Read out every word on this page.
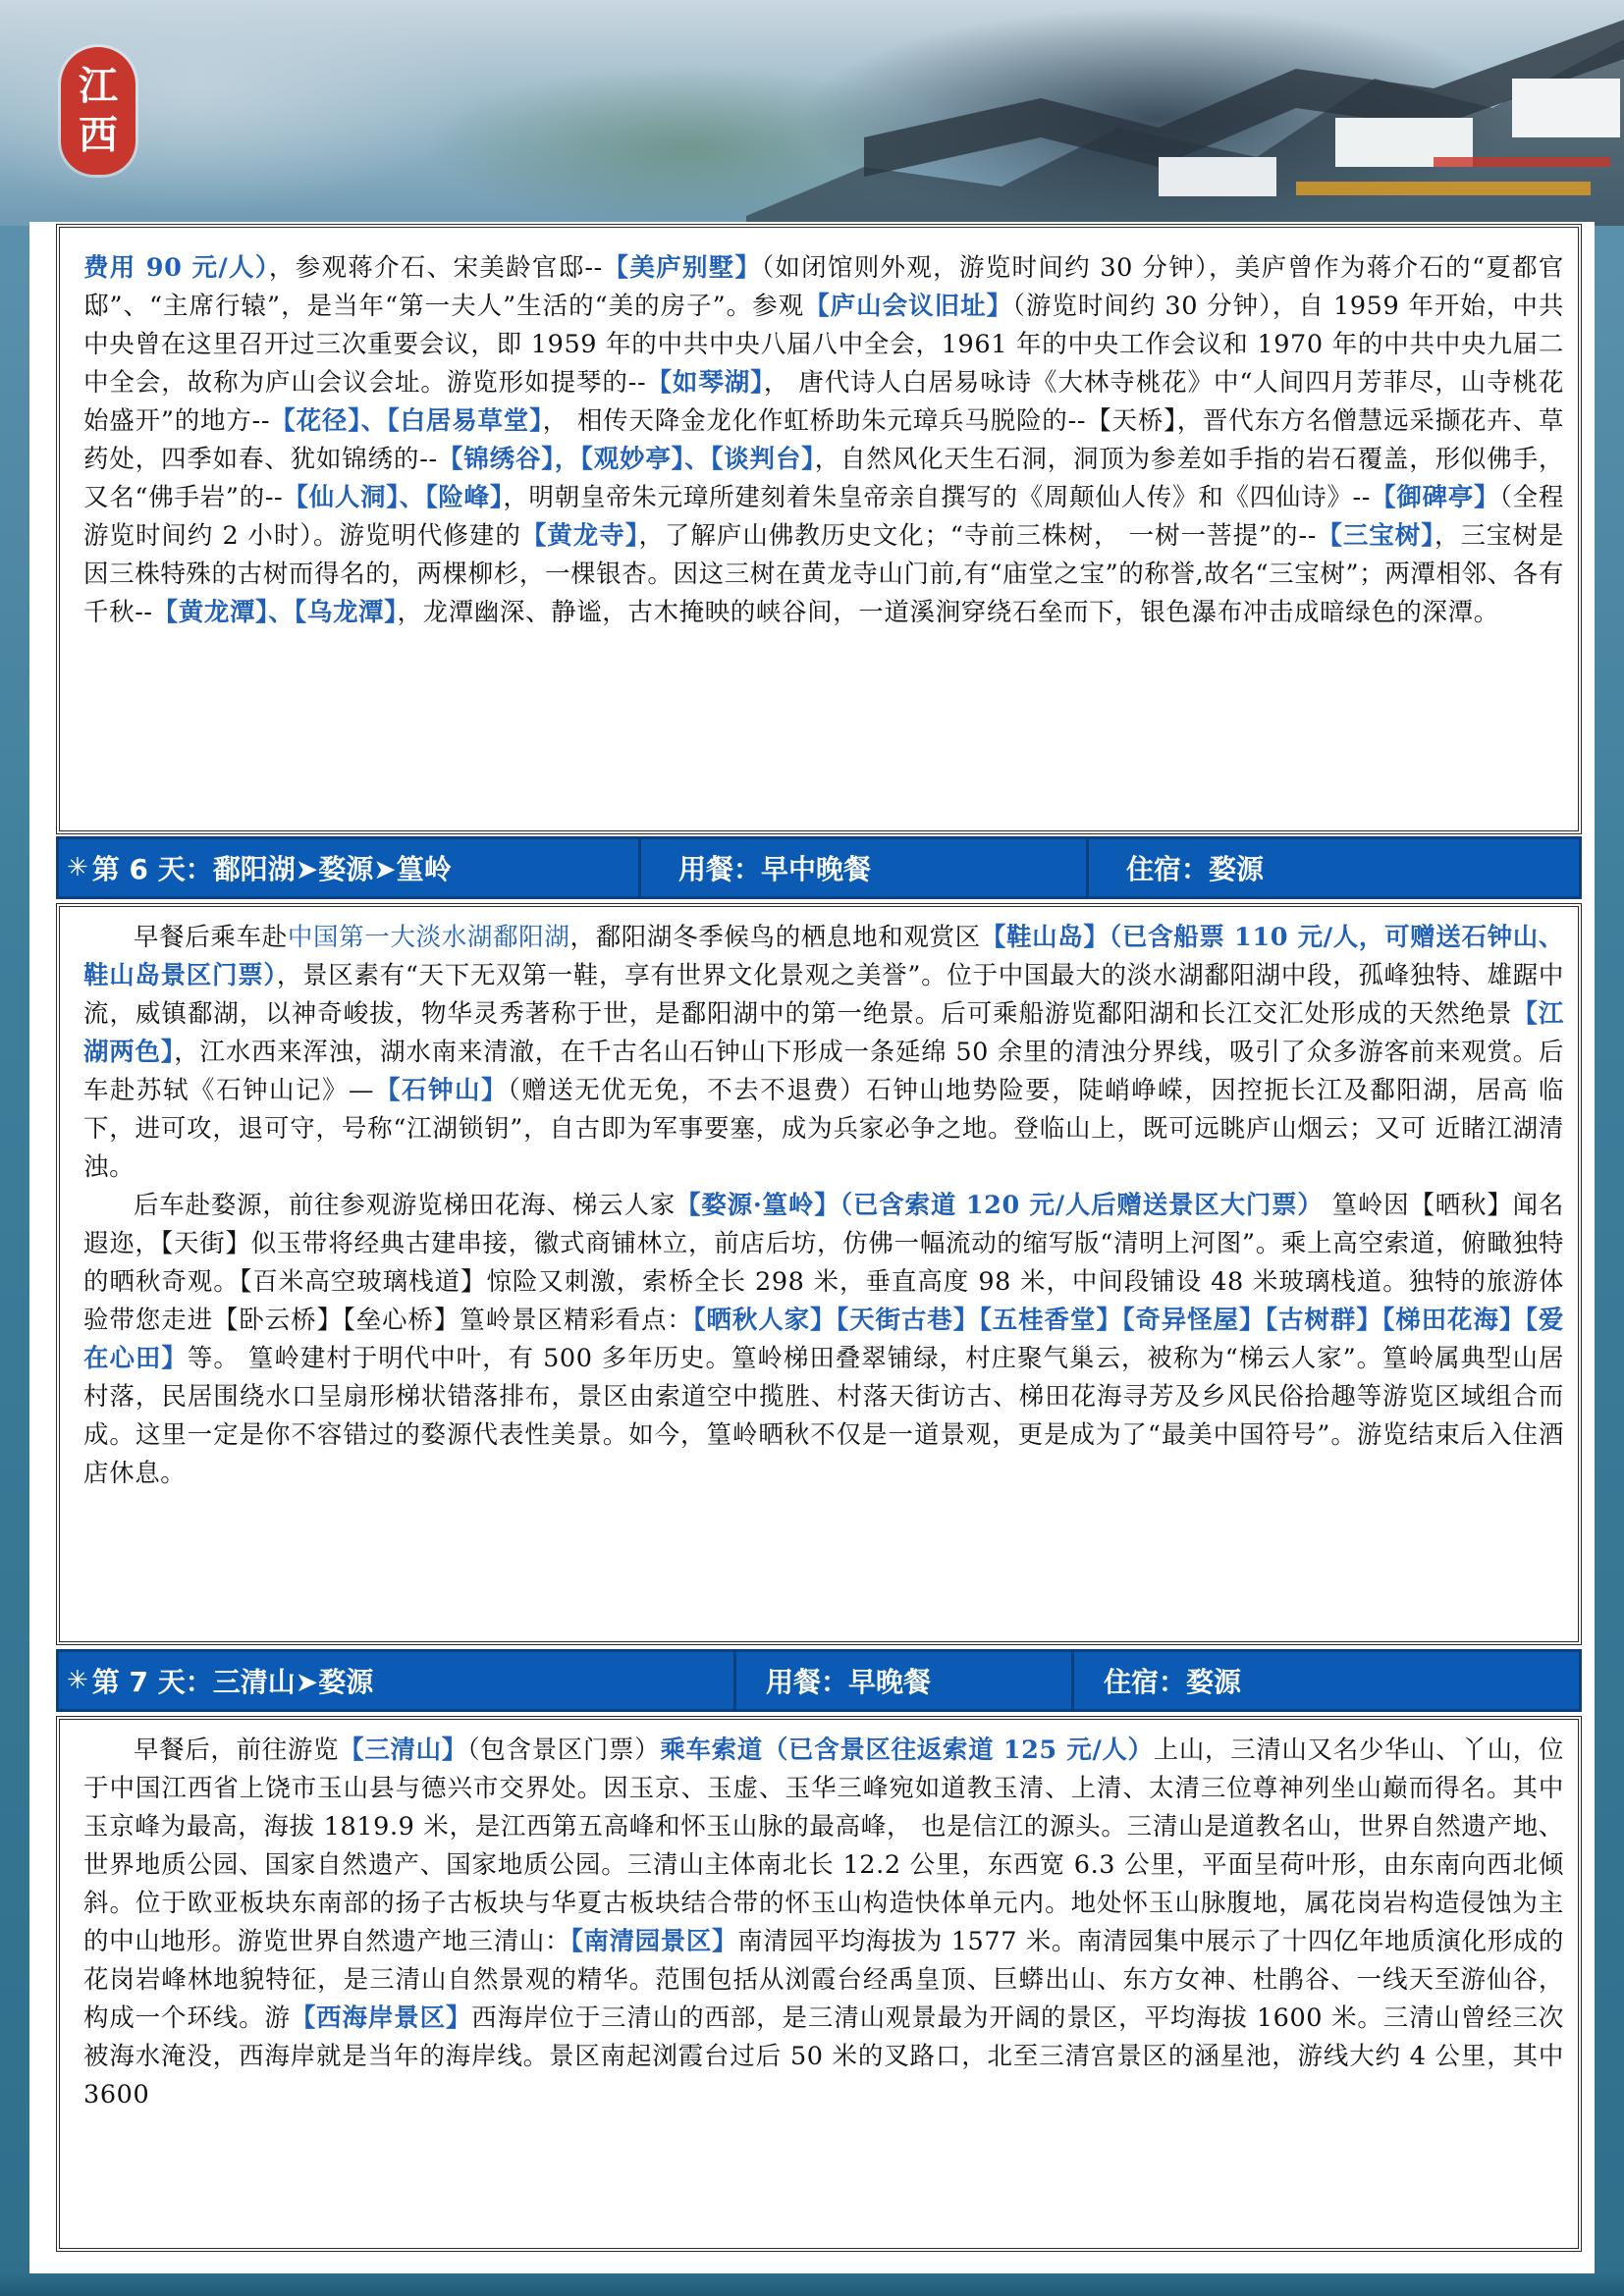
江
西

费用 90 元/人），参观蒋介石、宋美龄官邸--【美庐别墅】（如闭馆则外观，游览时间约 30 分钟），美庐曾作为蒋介石的“夏都官邸”、“主席行辕”，是当年“第一夫人”生活的“美的房子”。参观【庐山会议旧址】（游览时间约 30 分钟），自 1959 年开始，中共中央曾在这里召开过三次重要会议，即 1959 年的中共中央八届八中全会，1961 年的中央工作会议和 1970 年的中共中央九届二中全会，故称为庐山会议会址。游览形如提琴的--【如琴湖】， 唐代诗人白居易咏诗《大林寺桃花》中“人间四月芳菲尽，山寺桃花始盛开”的地方--【花径】、【白居易草堂】， 相传天降金龙化作虹桥助朱元璋兵马脱险的--【天桥】，晋代东方名僧慧远采撷花卉、草药处，四季如春、犹如锦绣的--【锦绣谷】，【观妙亭】、【谈判台】，自然风化天生石洞，洞顶为参差如手指的岩石覆盖，形似佛手，又名“佛手岩”的--【仙人洞】、【险峰】，明朝皇帝朱元璋所建刻着朱皇帝亲自撰写的《周颠仙人传》和《四仙诗》--【御碑亭】（全程游览时间约 2 小时）。游览明代修建的【黄龙寺】，了解庐山佛教历史文化；“寺前三株树， 一树一菩提”的--【三宝树】，三宝树是因三株特殊的古树而得名的，两棵柳杉，一棵银杏。因这三树在黄龙寺山门前,有“庙堂之宝”的称誉,故名“三宝树”；两潭相邻、各有千秋--【黄龙潭】、【乌龙潭】，龙潭幽深、静谧，古木掩映的峡谷间，一道溪涧穿绕石垒而下，银色瀑布冲击成暗绿色的深潭。

✳ 第 6 天：鄱阳湖➤婺源➤篁岭	用餐：早中晚餐	住宿：婺源

早餐后乘车赴中国第一大淡水湖鄱阳湖，鄱阳湖冬季候鸟的栖息地和观赏区【鞋山岛】（已含船票 110 元/人，可赠送石钟山、鞋山岛景区门票），景区素有“天下无双第一鞋，享有世界文化景观之美誉”。位于中国最大的淡水湖鄱阳湖中段，孤峰独特、雄踞中流，威镇鄱湖，以神奇峻拔，物华灵秀著称于世，是鄱阳湖中的第一绝景。后可乘船游览鄱阳湖和长江交汇处形成的天然绝景【江湖两色】，江水西来浑浊，湖水南来清澈，在千古名山石钟山下形成一条延绵 50 余里的清浊分界线，吸引了众多游客前来观赏。后车赴苏轼《石钟山记》—【石钟山】（赠送无优无免，不去不退费）石钟山地势险要，陡峭峥嵘，因控扼长江及鄱阳湖，居高 临下，进可攻，退可守，号称“江湖锁钥”，自古即为军事要塞，成为兵家必争之地。登临山上，既可远眺庐山烟云；又可 近睹江湖清浊。

后车赴婺源，前往参观游览梯田花海、梯云人家【婺源·篁岭】（已含索道 120 元/人后赠送景区大门票） 篁岭因【晒秋】闻名遐迩，【天街】似玉带将经典古建串接，徽式商铺林立，前店后坊，仿佛一幅流动的缩写版“清明上河图”。乘上高空索道，俯瞰独特的晒秋奇观。【百米高空玻璃栈道】惊险又刺激，索桥全长 298 米，垂直高度 98 米，中间段铺设 48 米玻璃栈道。独特的旅游体验带您走进【卧云桥】【垒心桥】篁岭景区精彩看点：【晒秋人家】【天街古巷】【五桂香堂】【奇异怪屋】【古树群】【梯田花海】【爱在心田】等。 篁岭建村于明代中叶，有 500 多年历史。篁岭梯田叠翠铺绿，村庄聚气巢云，被称为“梯云人家”。篁岭属典型山居村落，民居围绕水口呈扇形梯状错落排布，景区由索道空中揽胜、村落天街访古、梯田花海寻芳及乡风民俗拾趣等游览区域组合而成。这里一定是你不容错过的婺源代表性美景。如今，篁岭晒秋不仅是一道景观，更是成为了“最美中国符号”。游览结束后入住酒店休息。

✳ 第 7 天：三清山➤婺源	用餐：早晚餐	住宿：婺源

早餐后，前往游览【三清山】（包含景区门票）乘车索道（已含景区往返索道 125 元/人）上山，三清山又名少华山、丫山，位于中国江西省上饶市玉山县与德兴市交界处。因玉京、玉虚、玉华三峰宛如道教玉清、上清、太清三位尊神列坐山巅而得名。其中玉京峰为最高，海拔 1819.9 米，是江西第五高峰和怀玉山脉的最高峰， 也是信江的源头。三清山是道教名山，世界自然遗产地、世界地质公园、国家自然遗产、国家地质公园。三清山主体南北长 12.2 公里，东西宽 6.3 公里，平面呈荷叶形，由东南向西北倾斜。位于欧亚板块东南部的扬子古板块与华夏古板块结合带的怀玉山构造快体单元内。地处怀玉山脉腹地，属花岗岩构造侵蚀为主的中山地形。游览世界自然遗产地三清山：【南清园景区】南清园平均海拔为 1577 米。南清园集中展示了十四亿年地质演化形成的花岗岩峰林地貌特征，是三清山自然景观的精华。范围包括从浏霞台经禹皇顶、巨蟒出山、东方女神、杜鹃谷、一线天至游仙谷，构成一个环线。游【西海岸景区】西海岸位于三清山的西部，是三清山观景最为开阔的景区，平均海拔 1600 米。三清山曾经三次被海水淹没，西海岸就是当年的海岸线。景区南起浏霞台过后 50 米的叉路口，北至三清宫景区的涵星池，游线大约 4 公里，其中 3600
